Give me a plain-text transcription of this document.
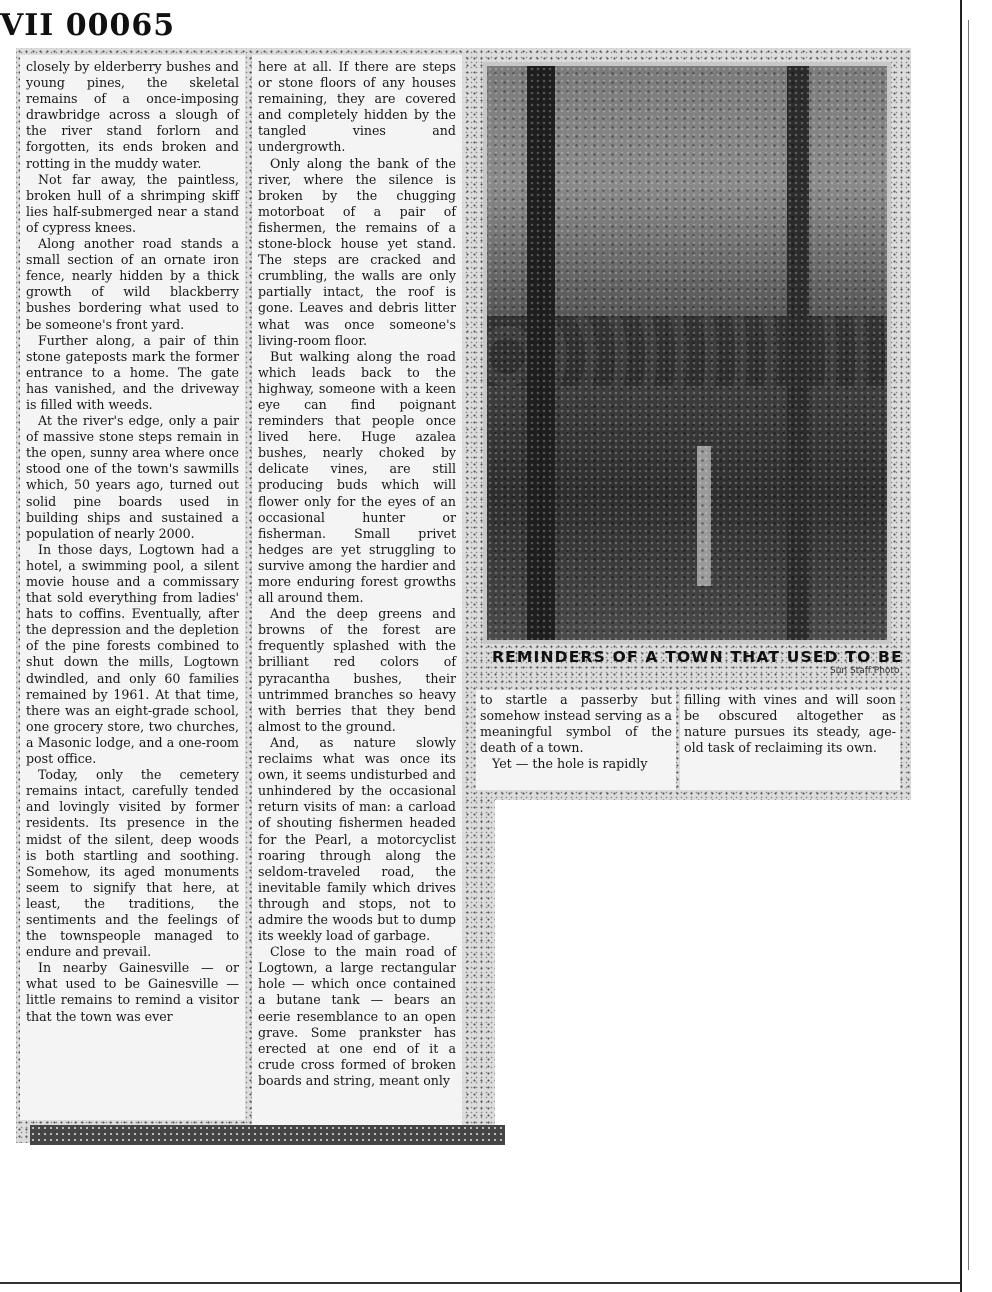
VII 00065

closely by elderberry bushes and young pines, the skeletal remains of a once-imposing drawbridge across a slough of the river stand forlorn and forgotten, its ends broken and rotting in the muddy water.

Not far away, the paintless, broken hull of a shrimping skiff lies half-submerged near a stand of cypress knees.

Along another road stands a small section of an ornate iron fence, nearly hidden by a thick growth of wild blackberry bushes bordering what used to be someone's front yard.

Further along, a pair of thin stone gateposts mark the former entrance to a home. The gate has vanished, and the driveway is filled with weeds.

At the river's edge, only a pair of massive stone steps remain in the open, sunny area where once stood one of the town's sawmills which, 50 years ago, turned out solid pine boards used in building ships and sustained a population of nearly 2000.

In those days, Logtown had a hotel, a swimming pool, a silent movie house and a commissary that sold everything from ladies' hats to coffins. Eventually, after the depression and the depletion of the pine forests combined to shut down the mills, Logtown dwindled, and only 60 families remained by 1961. At that time, there was an eight-grade school, one grocery store, two churches, a Masonic lodge, and a one-room post office.

Today, only the cemetery remains intact, carefully tended and lovingly visited by former residents. Its presence in the midst of the silent, deep woods is both startling and soothing. Somehow, its aged monuments seem to signify that here, at least, the traditions, the sentiments and the feelings of the townspeople managed to endure and prevail.

In nearby Gainesville — or what used to be Gainesville — little remains to remind a visitor that the town was ever

here at all. If there are steps or stone floors of any houses remaining, they are covered and completely hidden by the tangled vines and undergrowth.

Only along the bank of the river, where the silence is broken by the chugging motorboat of a pair of fishermen, the remains of a stone-block house yet stand. The steps are cracked and crumbling, the walls are only partially intact, the roof is gone. Leaves and debris litter what was once someone's living-room floor.

But walking along the road which leads back to the highway, someone with a keen eye can find poignant reminders that people once lived here. Huge azalea bushes, nearly choked by delicate vines, are still producing buds which will flower only for the eyes of an occasional hunter or fisherman. Small privet hedges are yet struggling to survive among the hardier and more enduring forest growths all around them.

And the deep greens and browns of the forest are frequently splashed with the brilliant red colors of pyracantha bushes, their untrimmed branches so heavy with berries that they bend almost to the ground.

And, as nature slowly reclaims what was once its own, it seems undisturbed and unhindered by the occasional return visits of man: a carload of shouting fishermen headed for the Pearl, a motorcyclist roaring through along the seldom-traveled road, the inevitable family which drives through and stops, not to admire the woods but to dump its weekly load of garbage.

Close to the main road of Logtown, a large rectangular hole — which once contained a butane tank — bears an eerie resemblance to an open grave. Some prankster has erected at one end of it a crude cross formed of broken boards and string, meant only

REMINDERS OF A TOWN THAT USED TO BE
Sun Staff Photo

to startle a passerby but somehow instead serving as a meaningful symbol of the death of a town.

Yet — the hole is rapidly

filling with vines and will soon be obscured altogether as nature pursues its steady, age-old task of reclaiming its own.
